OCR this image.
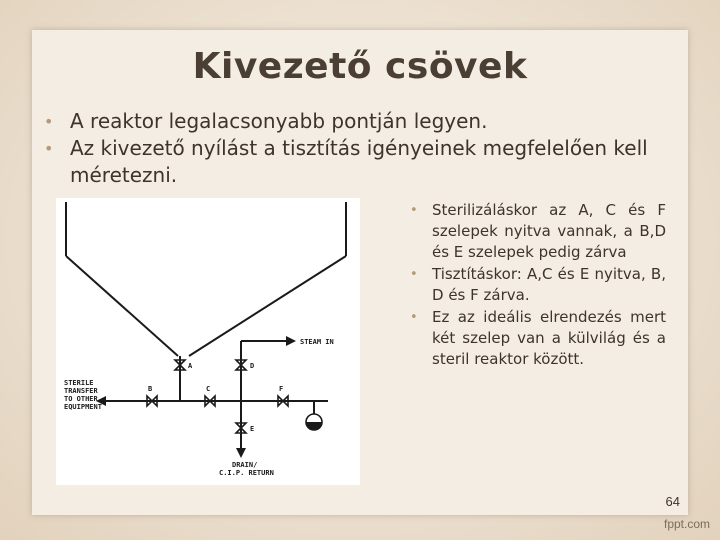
Kivezető csövek

• A reaktor legalacsonyabb pontján legyen.

• Az kivezető nyílást a tisztítás igényeinek megfelelően kell méretezni.

A
B	C
D
E
F
STEAM IN
STERILE
TRANSFER
TO OTHER
EQUIPMENT
DRAIN/
C.I.P. RETURN

• Sterilizáláskor az A, C és F szelepek nyitva vannak, a B,D és E szelepek pedig zárva

• Tisztításkor: A,C és E nyitva, B, D és F zárva.

• Ez az ideális elrendezés mert két szelep van a külvilág és a steril reaktor között.

64
fppt.com
